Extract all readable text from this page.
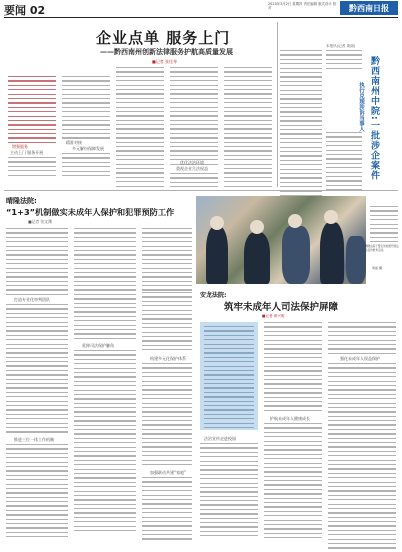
要闻 02	2023年3月2日 星期四 责任编辑 版式设计 校对	黔西南日报
企业点单 服务上门
——黔西南州创新法律服务护航高质量发展
■记者 张佳琴
增强服务
主动上门 服务开展
精准对接
多元解纷保障发展
优化法治环境
重视企业合法权益
本报讯(记者 周丽)
黔西南州中院:一批涉企案件
执行兑现涉诉当事人
晴隆法院:
“1+3”机制做实未成年人保护和犯罪预防工作
■记者 张文渊
打造专业化审判团队
推进三位一体工作机制
延伸司法保护触角
晴隆法院干警走进校园开展法治宣传教育活动。
周丽 摄
构建多元化保护体系
加强联动共建“家庭”
安龙法院:
筑牢未成年人司法保护屏障
■记者 黄兴明
法治宣传走进校园
护航未成年人健康成长
强化未成年人权益保护
